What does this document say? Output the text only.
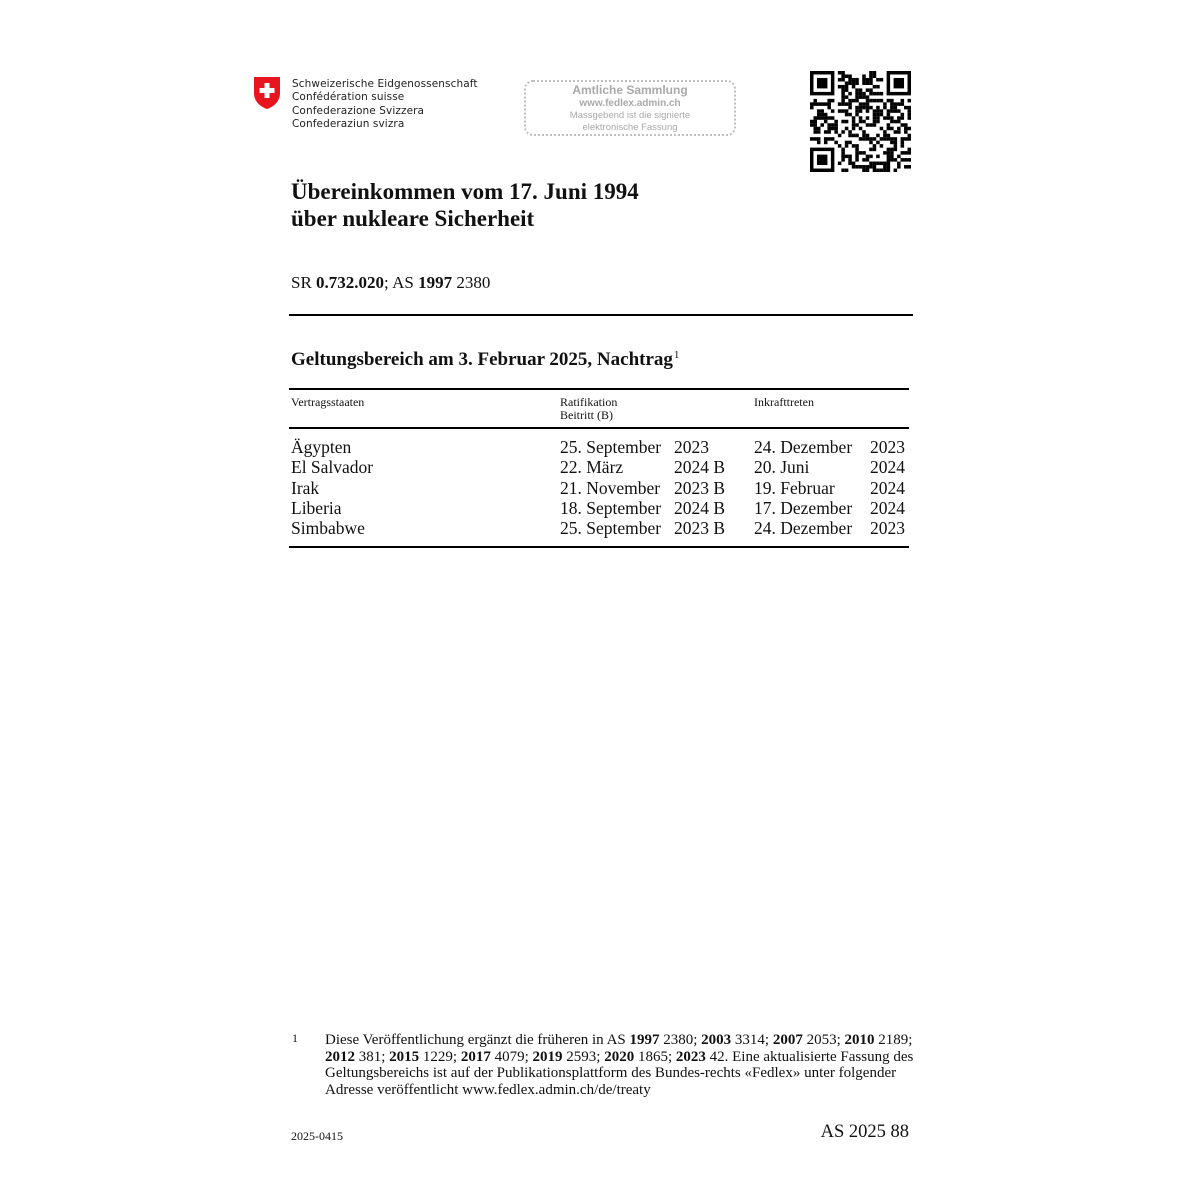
Schweizerische Eidgenossenschaft
Confédération suisse
Confederazione Svizzera
Confederaziun svizra
Amtliche Sammlung
www.fedlex.admin.ch
Massgebend ist die signierte
elektronische Fassung
Übereinkommen vom 17. Juni 1994
über nukleare Sicherheit
SR 0.732.020; AS 1997 2380
Geltungsbereich am 3. Februar 2025, Nachtrag$^1$
Vertragsstaaten	Ratifikation
Beitritt (B)
Inkrafttreten
Ägypten
El Salvador
Irak
Liberia
Simbabwe
25. September
22. März
21. November
18. September
25. September
2023
2024 B
2023 B
2024 B
2023 B
24. Dezember
20. Juni
19. Februar
17. Dezember
24. Dezember
2023
2024
2024
2024
2023
1 Diese Veröffentlichung ergänzt die früheren in AS 1997 2380; 2003 3314; 2007 2053; 2010 2189; 2012 381; 2015 1229; 2017 4079; 2019 2593; 2020 1865; 2023 42. Eine aktualisierte Fassung des Geltungsbereichs ist auf der Publikationsplattform des Bundes-rechts «Fedlex» unter folgender Adresse veröffentlicht www.fedlex.admin.ch/de/treaty
2025-0415	AS 2025 88
